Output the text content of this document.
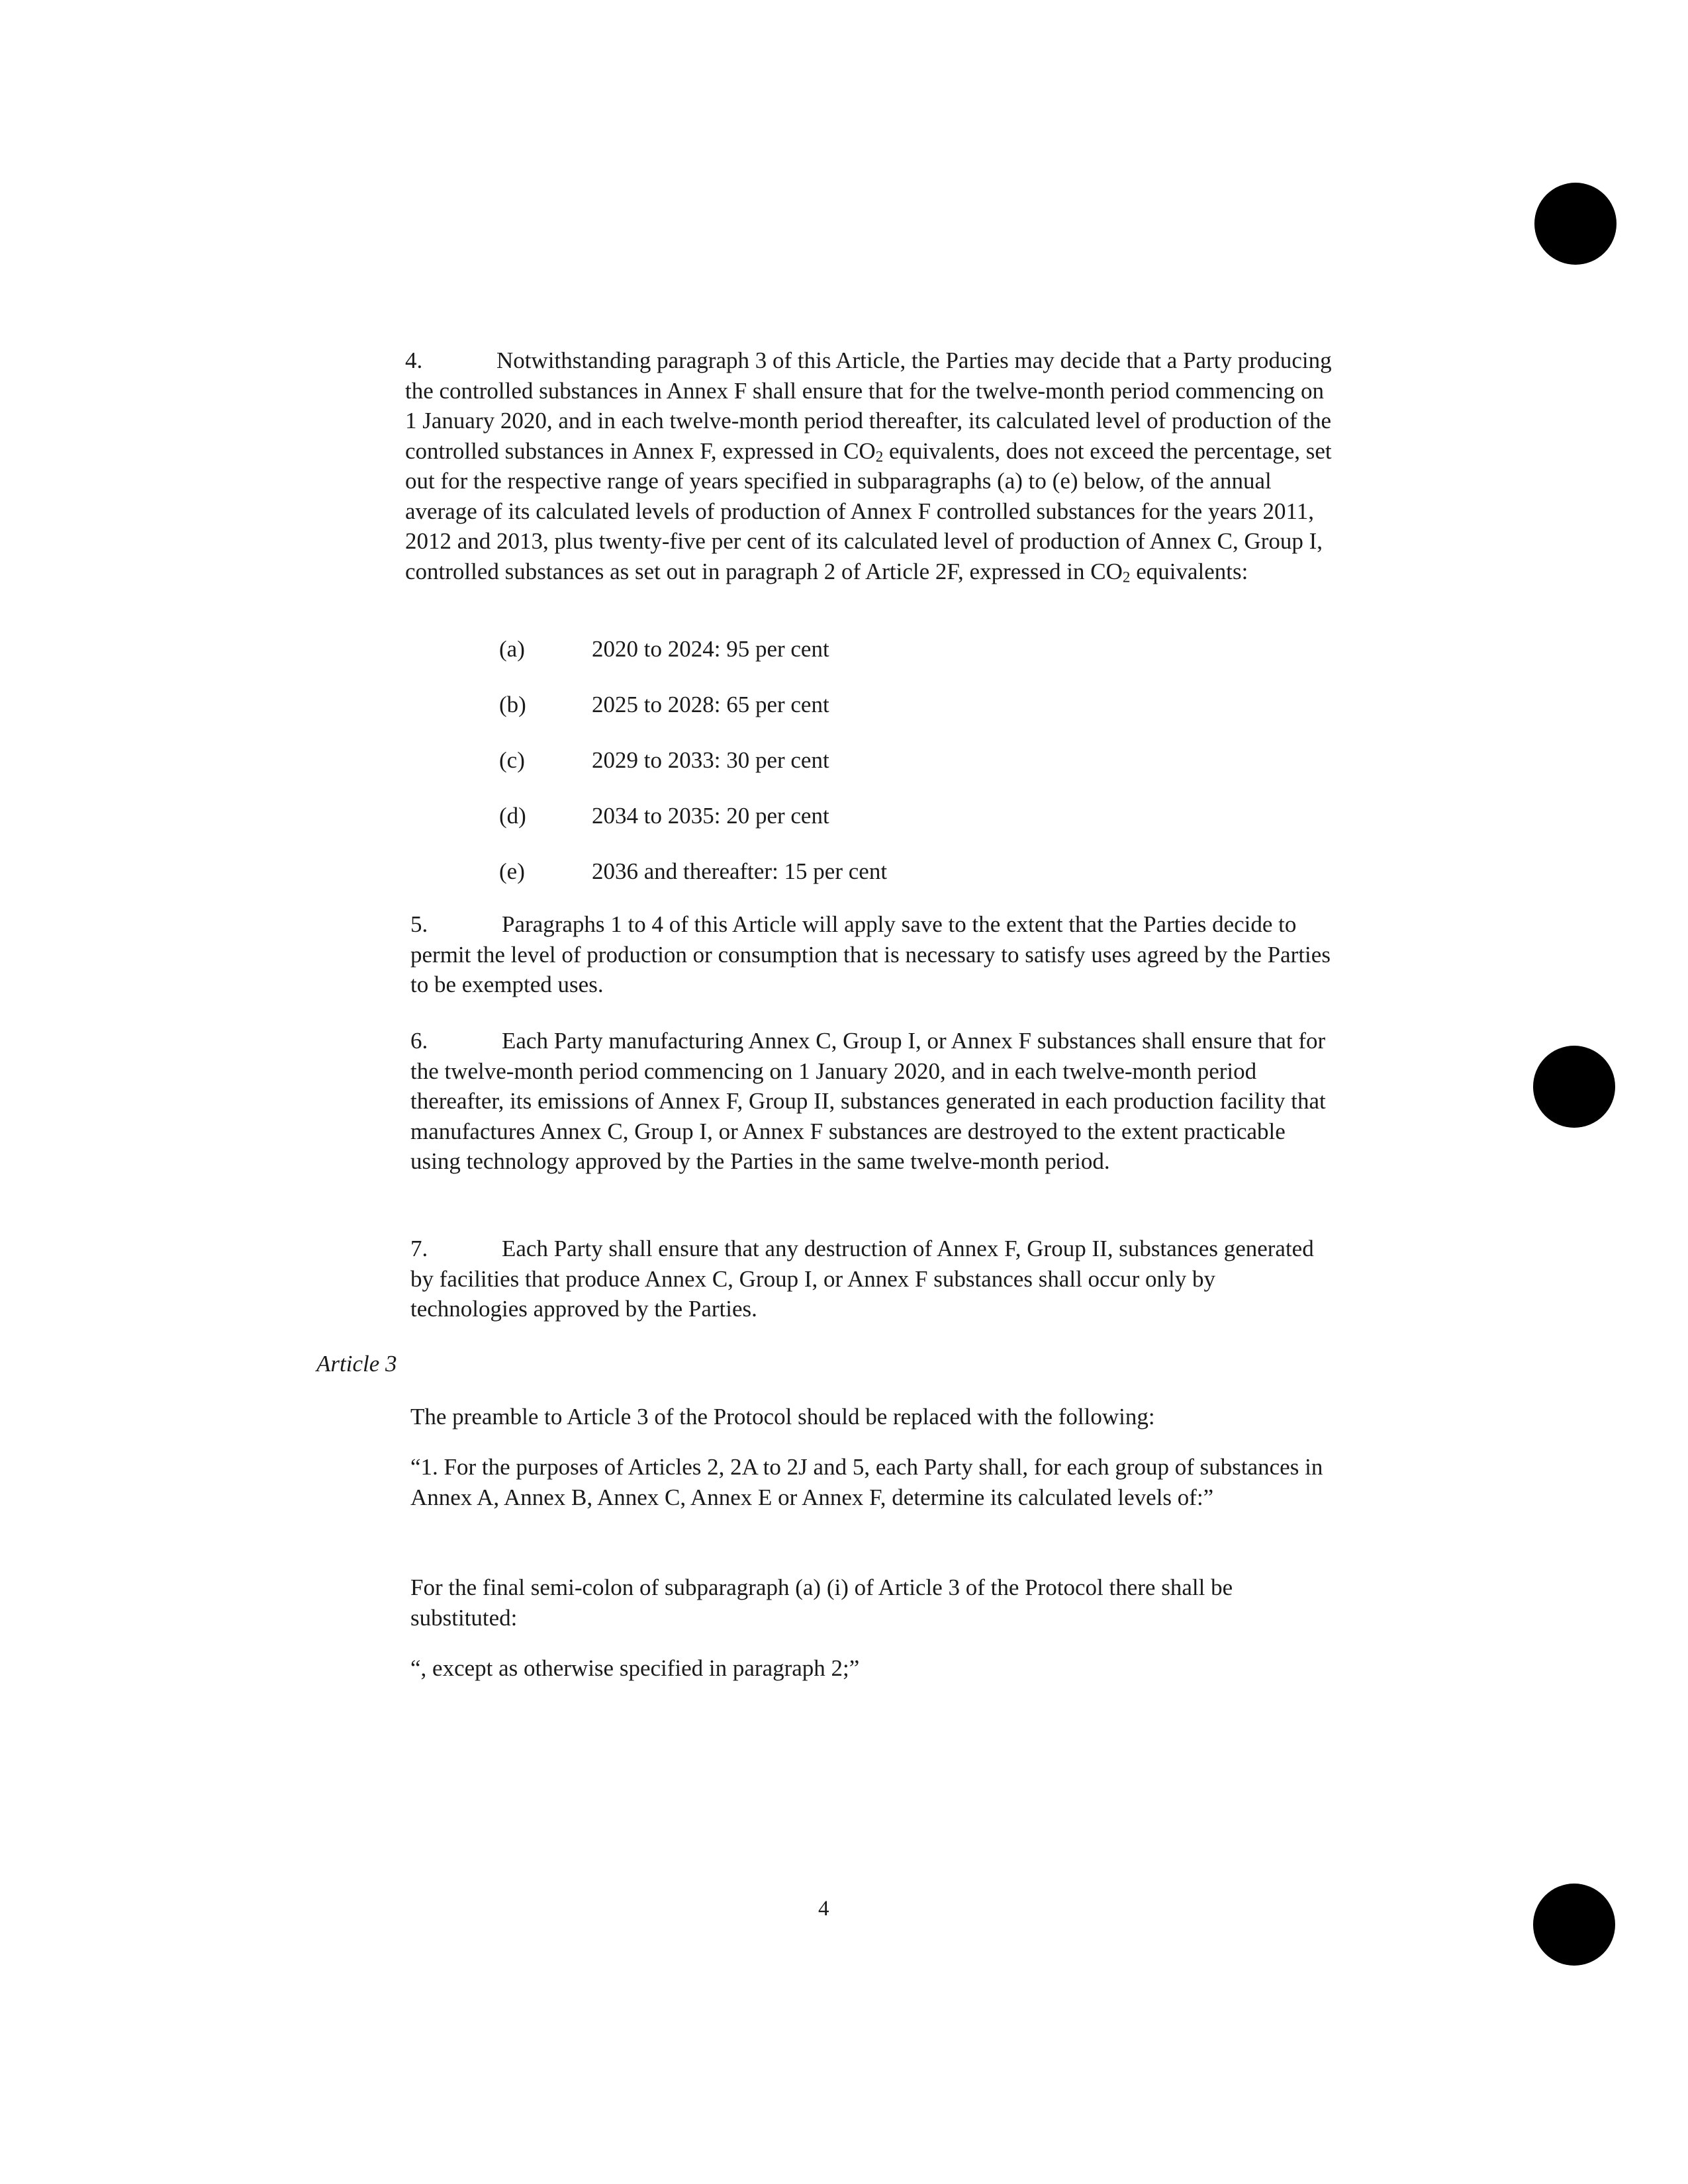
4.	Notwithstanding paragraph 3 of this Article, the Parties may decide that a Party producing the controlled substances in Annex F shall ensure that for the twelve-month period commencing on 1 January 2020, and in each twelve-month period thereafter, its calculated level of production of the controlled substances in Annex F, expressed in $CO_2$ equivalents, does not exceed the percentage, set out for the respective range of years specified in subparagraphs (a) to (e) below, of the annual average of its calculated levels of production of Annex F controlled substances for the years 2011, 2012 and 2013, plus twenty-five per cent of its calculated level of production of Annex C, Group I, controlled substances as set out in paragraph 2 of Article 2F, expressed in $CO_2$ equivalents:

(a)	2020 to 2024: 95 per cent
(b)	2025 to 2028: 65 per cent
(c)	2029 to 2033: 30 per cent
(d)	2034 to 2035: 20 per cent
(e)	2036 and thereafter: 15 per cent

5.	Paragraphs 1 to 4 of this Article will apply save to the extent that the Parties decide to permit the level of production or consumption that is necessary to satisfy uses agreed by the Parties to be exempted uses.

6.	Each Party manufacturing Annex C, Group I, or Annex F substances shall ensure that for the twelve-month period commencing on 1 January 2020, and in each twelve-month period thereafter, its emissions of Annex F, Group II, substances generated in each production facility that manufactures Annex C, Group I, or Annex F substances are destroyed to the extent practicable using technology approved by the Parties in the same twelve-month period.

7.	Each Party shall ensure that any destruction of Annex F, Group II, substances generated by facilities that produce Annex C, Group I, or Annex F substances shall occur only by technologies approved by the Parties.

Article 3

The preamble to Article 3 of the Protocol should be replaced with the following:

“1. For the purposes of Articles 2, 2A to 2J and 5, each Party shall, for each group of substances in Annex A, Annex B, Annex C, Annex E or Annex F, determine its calculated levels of:”

For the final semi-colon of subparagraph (a) (i) of Article 3 of the Protocol there shall be substituted:

“, except as otherwise specified in paragraph 2;”

4
